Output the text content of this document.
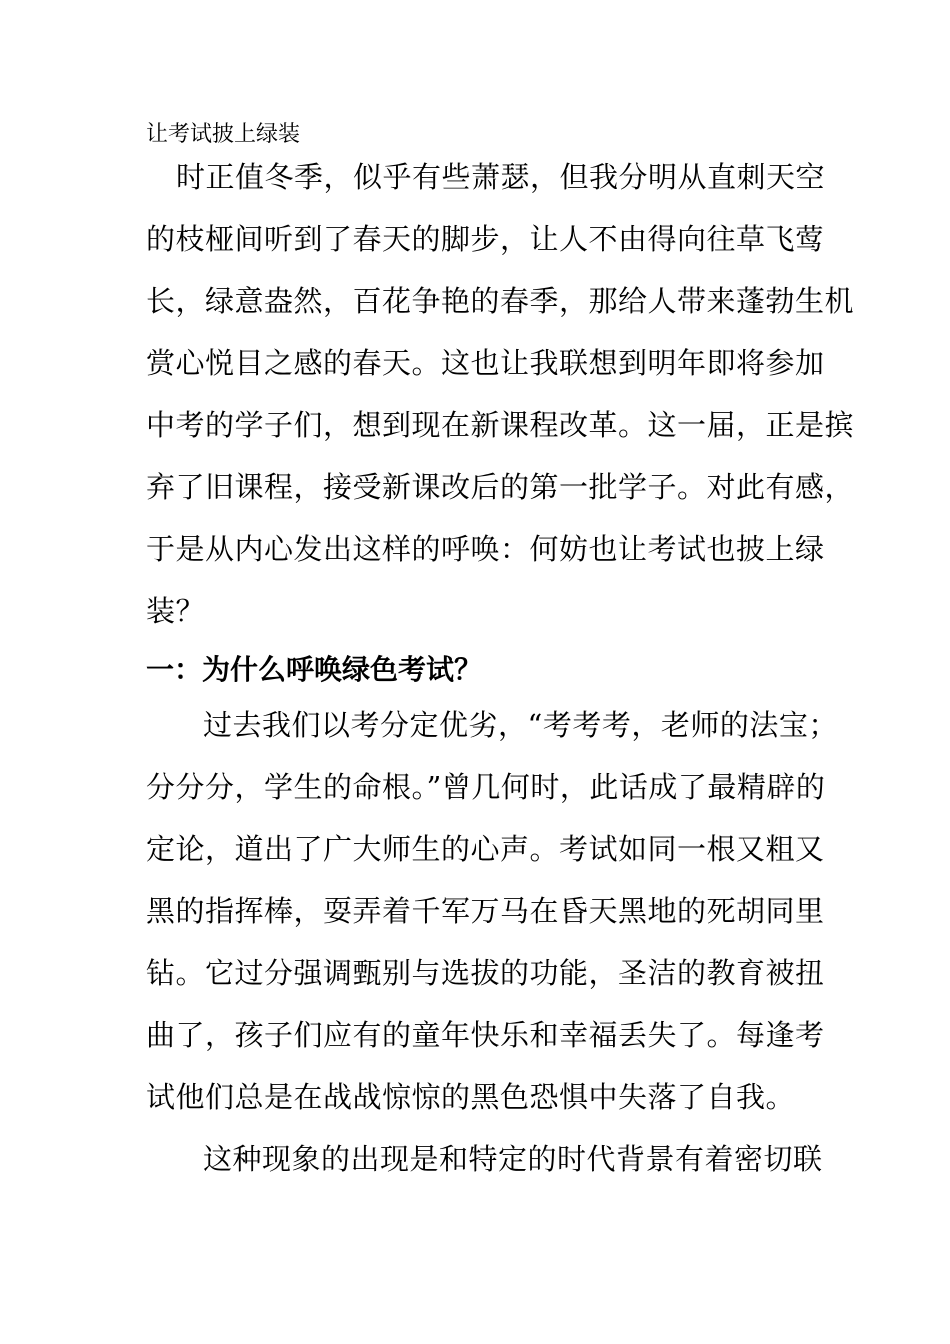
让考试披上绿装
时正值冬季，似乎有些萧瑟，但我分明从直刺天空
的枝桠间听到了春天的脚步，让人不由得向往草飞莺
长，绿意盎然，百花争艳的春季，那给人带来蓬勃生机
赏心悦目之感的春天。这也让我联想到明年即将参加
中考的学子们，想到现在新课程改革。这一届，正是摈
弃了旧课程，接受新课改后的第一批学子。对此有感，
于是从内心发出这样的呼唤：何妨也让考试也披上绿
装？
一：为什么呼唤绿色考试？
过去我们以考分定优劣，“考考考，老师的法宝；
分分分，学生的命根。”曾几何时，此话成了最精辟的
定论，道出了广大师生的心声。考试如同一根又粗又
黑的指挥棒，耍弄着千军万马在昏天黑地的死胡同里
钻。它过分强调甄别与选拔的功能，圣洁的教育被扭
曲了，孩子们应有的童年快乐和幸福丢失了。每逢考
试他们总是在战战惊惊的黑色恐惧中失落了自我。
这种现象的出现是和特定的时代背景有着密切联
